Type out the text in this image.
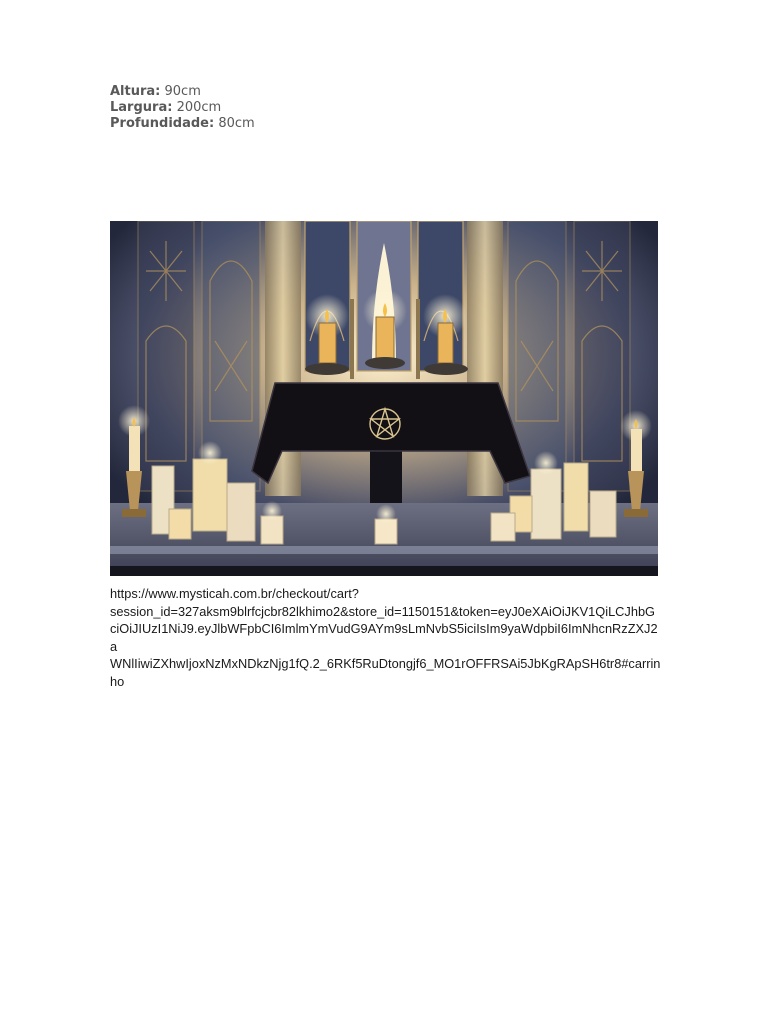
Altura: 90cm
Largura: 200cm
Profundidade: 80cm
https://www.mysticah.com.br/checkout/cart?
session_id=327aksm9blrfcjcbr82lkhimo2&store_id=1150151&token=eyJ0eXAiOiJKV1QiLCJhbG
ciOiJIUzI1NiJ9.eyJlbWFpbCI6ImlmYmVudG9AYm9sLmNvbS5iciIsIm9yaWdpbiI6ImNhcnRzZXJ2a
WNlIiwiZXhwIjoxNzMxNDkzNjg1fQ.2_6RKf5RuDtongjf6_MO1rOFFRSAi5JbKgRApSH6tr8#carrin
ho
